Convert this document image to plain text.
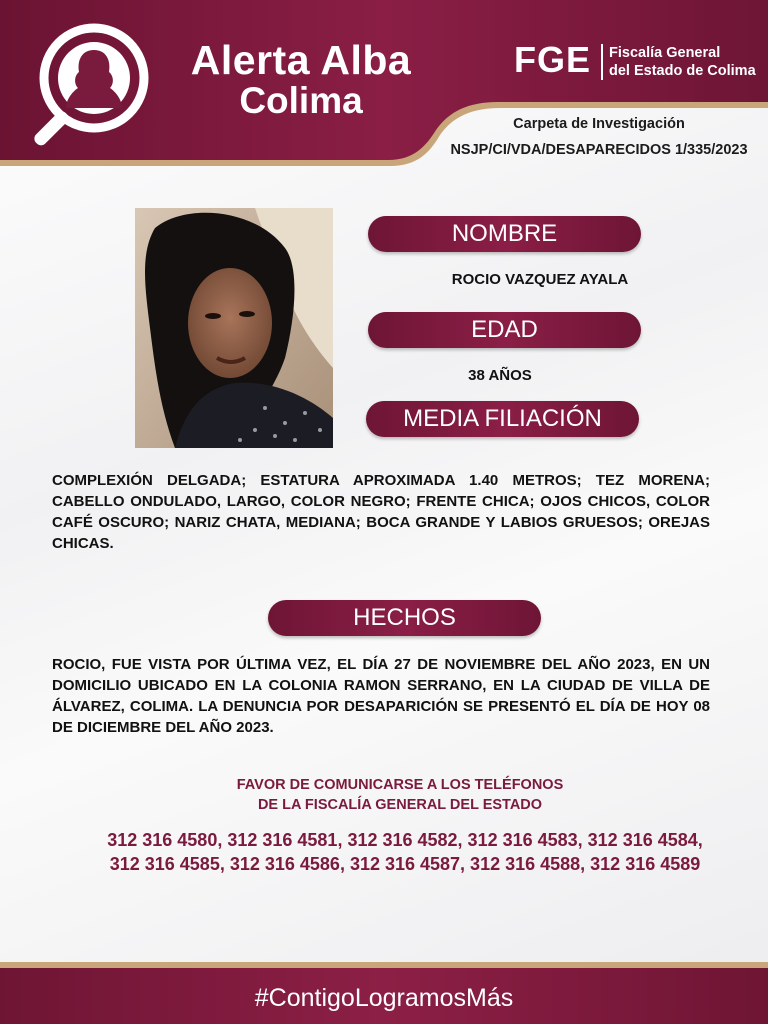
Alerta Alba
Colima
FGE Fiscalía General
del Estado de Colima
Carpeta de Investigación
NSJP/CI/VDA/DESAPARECIDOS 1/335/2023
NOMBRE
ROCIO VAZQUEZ AYALA
EDAD
38 AÑOS
MEDIA FILIACIÓN
COMPLEXIÓN DELGADA; ESTATURA APROXIMADA 1.40 METROS; TEZ MORENA; CABELLO ONDULADO, LARGO, COLOR NEGRO; FRENTE CHICA; OJOS CHICOS, COLOR CAFÉ OSCURO; NARIZ CHATA, MEDIANA; BOCA GRANDE Y LABIOS GRUESOS; OREJAS CHICAS.
HECHOS
ROCIO, FUE VISTA POR ÚLTIMA VEZ, EL DÍA 27 DE NOVIEMBRE DEL AÑO 2023, EN UN DOMICILIO UBICADO EN LA COLONIA RAMON SERRANO, EN LA CIUDAD DE VILLA DE ÁLVAREZ, COLIMA. LA DENUNCIA POR DESAPARICIÓN SE PRESENTÓ EL DÍA DE HOY 08 DE DICIEMBRE DEL AÑO 2023.
FAVOR DE COMUNICARSE A LOS TELÉFONOS
DE LA FISCALÍA GENERAL DEL ESTADO
312 316 4580, 312 316 4581, 312 316 4582, 312 316 4583, 312 316 4584, 312 316 4585, 312 316 4586, 312 316 4587, 312 316 4588, 312 316 4589
#ContigoLogramosMás
